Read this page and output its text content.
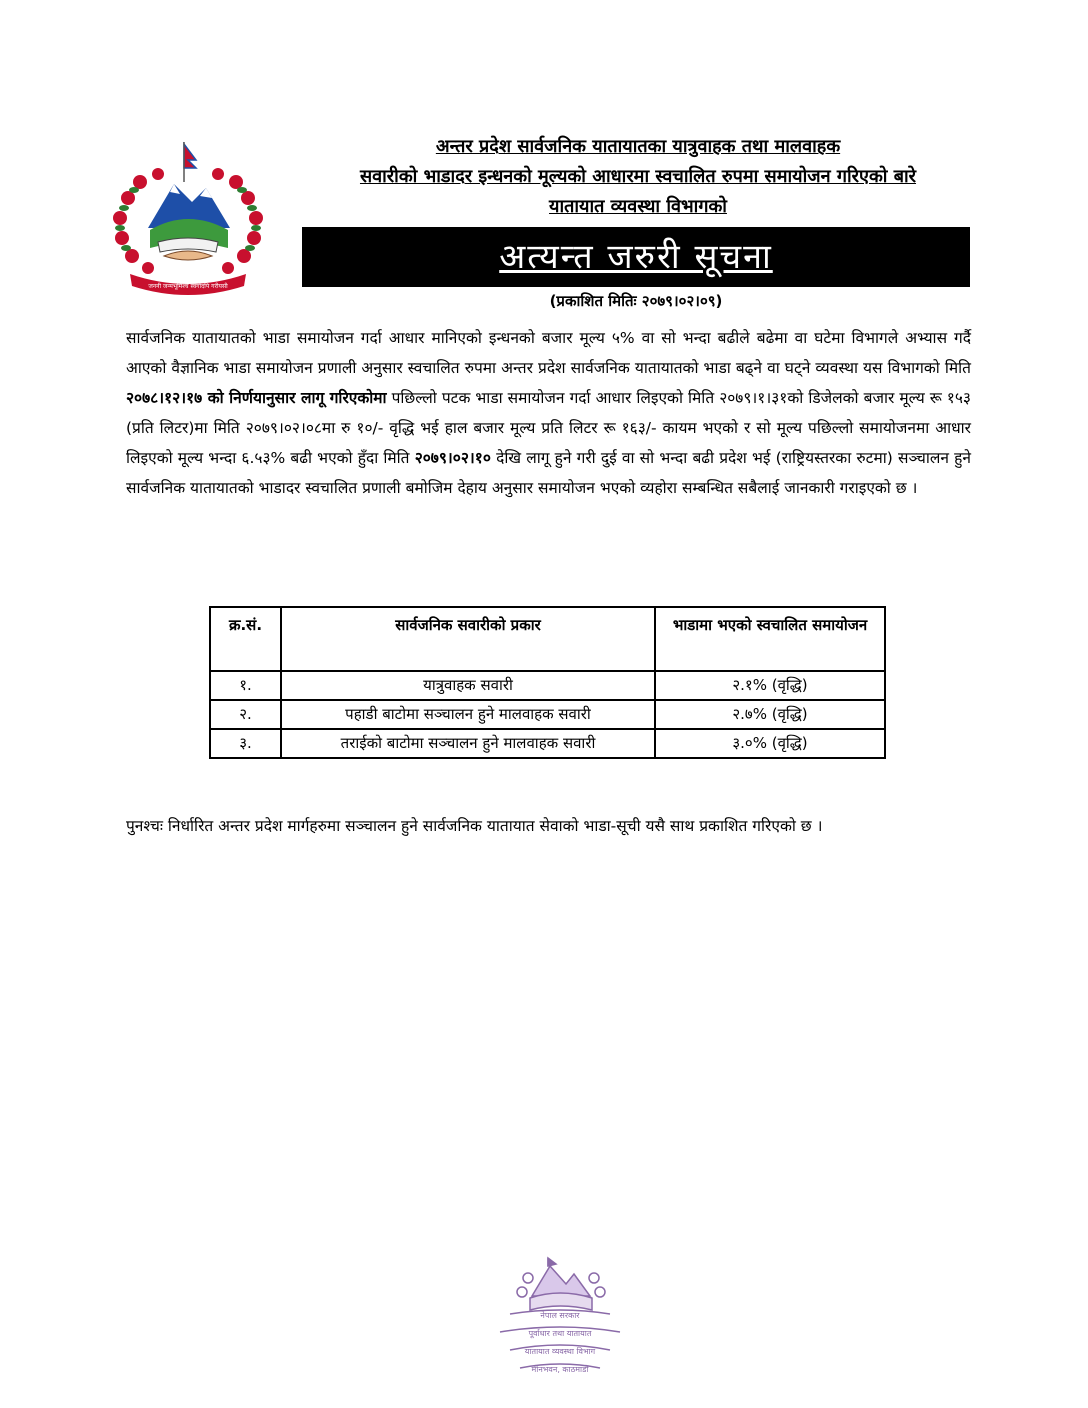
जननी जन्मभूमिश्च स्वर्गादपि गरीयसी
अन्तर प्रदेश सार्वजनिक यातायातका यात्रुवाहक तथा मालवाहक
सवारीको भाडादर इन्धनको मूल्यको आधारमा स्वचालित रुपमा समायोजन गरिएको बारे
यातायात व्यवस्था विभागको
अत्यन्त जरुरी सूचना
(प्रकाशित मितिः २०७९।०२।०९)
सार्वजनिक यातायातको भाडा समायोजन गर्दा आधार मानिएको इन्धनको बजार मूल्य ५% वा सो भन्दा बढीले बढेमा वा घटेमा विभागले अभ्यास गर्दै आएको वैज्ञानिक भाडा समायोजन प्रणाली अनुसार स्वचालित रुपमा अन्तर प्रदेश सार्वजनिक यातायातको भाडा बढ्ने वा घट्ने व्यवस्था यस विभागको मिति २०७८।१२।१७ को निर्णयानुसार लागू गरिएकोमा पछिल्लो पटक भाडा समायोजन गर्दा आधार लिइएको मिति २०७९।१।३१को डिजेलको बजार मूल्य रू १५३ (प्रति लिटर)मा मिति २०७९।०२।०८मा रु १०/- वृद्धि भई हाल बजार मूल्य प्रति लिटर रू १६३/- कायम भएको र सो मूल्य पछिल्लो समायोजनमा आधार लिइएको मूल्य भन्दा ६.५३% बढी भएको हुँदा मिति २०७९।०२।१० देखि लागू हुने गरी दुई वा सो भन्दा बढी प्रदेश भई (राष्ट्रियस्तरका रुटमा) सञ्चालन हुने सार्वजनिक यातायातको भाडादर स्वचालित प्रणाली बमोजिम देहाय अनुसार समायोजन भएको व्यहोरा सम्बन्धित सबैलाई जानकारी गराइएको छ ।
क्र.सं.	सार्वजनिक सवारीको प्रकार	भाडामा भएको स्वचालित समायोजन
१.	यात्रुवाहक सवारी	२.१% (वृद्धि)
२.	पहाडी बाटोमा सञ्चालन हुने मालवाहक सवारी	२.७% (वृद्धि)
३.	तराईको बाटोमा सञ्चालन हुने मालवाहक सवारी	३.०% (वृद्धि)
पुनश्चः निर्धारित अन्तर प्रदेश मार्गहरुमा सञ्चालन हुने सार्वजनिक यातायात सेवाको भाडा-सूची यसै साथ प्रकाशित गरिएको छ ।
नेपाल सरकार
पूर्वाधार तथा यातायात
यातायात व्यवस्था विभाग
मीनभवन, काठमाडौं
